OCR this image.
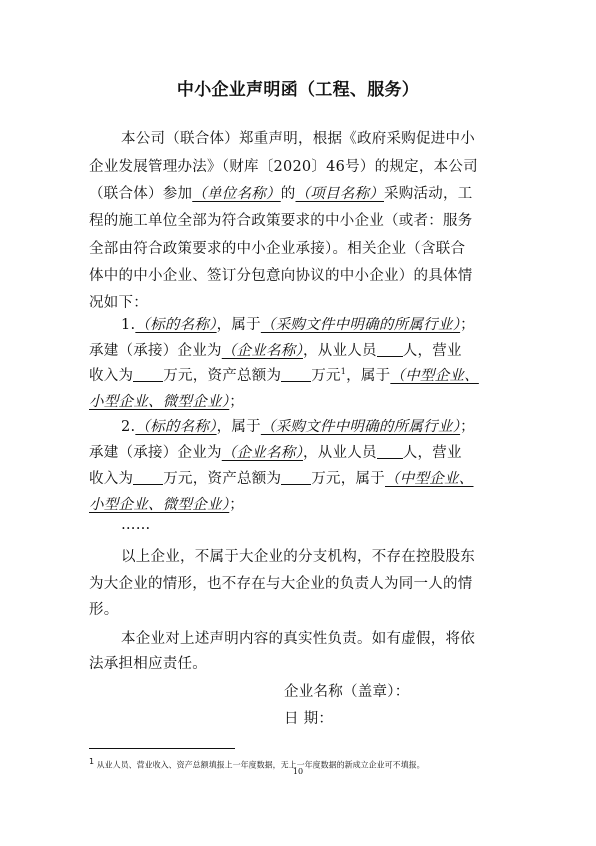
中小企业声明函（工程、服务）
本公司（联合体）郑重声明，根据《政府采购促进中小
企业发展管理办法》（财库〔2020〕46号）的规定，本公司
（联合体）参加（单位名称）的（项目名称）采购活动，工
程的施工单位全部为符合政策要求的中小企业（或者：服务
全部由符合政策要求的中小企业承接）。相关企业（含联合
体中的中小企业、签订分包意向协议的中小企业）的具体情
况如下：
1.（标的名称），属于（采购文件中明确的所属行业）；
承建（承接）企业为（企业名称），从业人员 人，营业
收入为 万元，资产总额为 万元$^1$，属于（中型企业、
小型企业、微型企业）；
2.（标的名称），属于（采购文件中明确的所属行业）；
承建（承接）企业为（企业名称），从业人员 人，营业
收入为 万元，资产总额为 万元，属于（中型企业、
小型企业、微型企业）；
……
以上企业，不属于大企业的分支机构，不存在控股股东
为大企业的情形，也不存在与大企业的负责人为同一人的情
形。
本企业对上述声明内容的真实性负责。如有虚假，将依
法承担相应责任。
企业名称（盖章）：
日 期：
1 从业人员、营业收入、资产总额填报上一年度数据，无上一年度数据的新成立企业可不填报。
10
